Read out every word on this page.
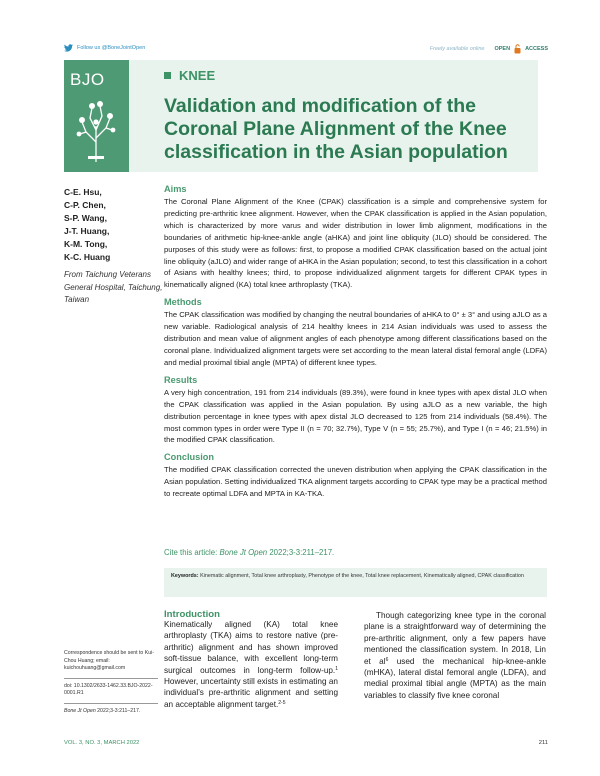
Follow us @BoneJointOpen	Freely available online OPEN	ACCESS
BJO	KNEE
Validation and modification of the Coronal Plane Alignment of the Knee classification in the Asian population
C-E. Hsu,
C-P. Chen,
S-P. Wang,
J-T. Huang,
K-M. Tong,
K-C. Huang
From Taichung Veterans General Hospital, Taichung, Taiwan
Aims

The Coronal Plane Alignment of the Knee (CPAK) classification is a simple and comprehensive system for predicting pre-arthritic knee alignment. However, when the CPAK classification is applied in the Asian population, which is characterized by more varus and wider distribution in lower limb alignment, modifications in the boundaries of arithmetic hip-knee-ankle angle (aHKA) and joint line obliquity (JLO) should be considered. The purposes of this study were as follows: first, to propose a modified CPAK classification based on the actual joint line obliquity (aJLO) and wider range of aHKA in the Asian population; second, to test this classification in a cohort of Asians with healthy knees; third, to propose individualized alignment targets for different CPAK types in kinematically aligned (KA) total knee arthroplasty (TKA).

Methods

The CPAK classification was modified by changing the neutral boundaries of aHKA to 0° ± 3° and using aJLO as a new variable. Radiological analysis of 214 healthy knees in 214 Asian individuals was used to assess the distribution and mean value of alignment angles of each phenotype among different classifications based on the coronal plane. Individualized alignment targets were set according to the mean lateral distal femoral angle (LDFA) and medial proximal tibial angle (MPTA) of different knee types.

Results

A very high concentration, 191 from 214 individuals (89.3%), were found in knee types with apex distal JLO when the CPAK classification was applied in the Asian population. By using aJLO as a new variable, the high distribution percentage in knee types with apex distal JLO decreased to 125 from 214 individuals (58.4%). The most common types in order were Type II (n = 70; 32.7%), Type V (n = 55; 25.7%), and Type I (n = 46; 21.5%) in the modified CPAK classification.

Conclusion

The modified CPAK classification corrected the uneven distribution when applying the CPAK classification in the Asian population. Setting individualized TKA alignment targets according to CPAK type may be a practical method to recreate optimal LDFA and MPTA in KA-TKA.

Cite this article: Bone Jt Open 2022;3-3:211–217.
Keywords: Kinematic alignment, Total knee arthroplasty, Phenotype of the knee, Total knee replacement, Kinematically aligned, CPAK classification
Introduction
Kinematically aligned (KA) total knee arthroplasty (TKA) aims to restore native (pre-arthritic) alignment and has shown improved soft-tissue balance, with excellent long-term surgical outcomes in long-term follow-up.$^1$ However, uncertainty still exists in estimating an individual’s pre-arthritic alignment and setting an acceptable alignment target.$^{2-5}$
Though categorizing knee type in the coronal plane is a straightforward way of determining the pre-arthritic alignment, only a few papers have mentioned the classification system. In 2018, Lin et $al^6$ used the mechanical hip-knee-ankle (mHKA), lateral distal femoral angle (LDFA), and medial proximal tibial angle (MPTA) as the main variables to classify five knee coronal
Correspondence should be sent to Kui-Chou Huang; email: kuichouhuang@gmail.com
doi: 10.1302/2633-1462.33.BJO-2022-0001.R1
Bone Jt Open 2022;3-3:211–217.
VOL. 3, NO. 3, MARCH 2022	211
